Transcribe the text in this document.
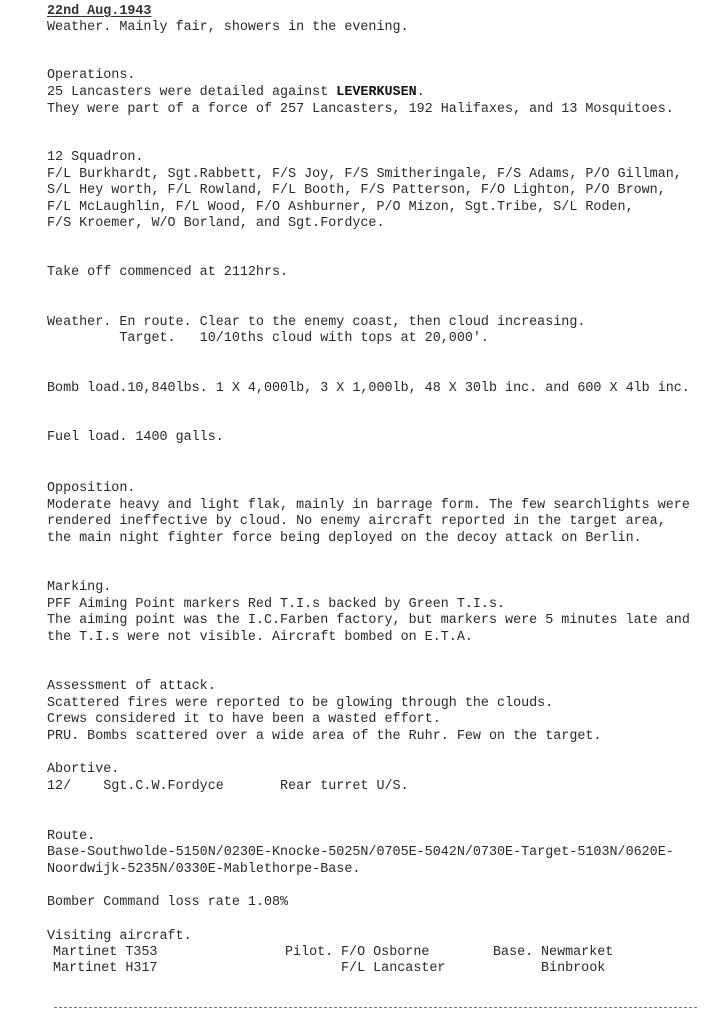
22nd Aug.1943
Weather. Mainly fair, showers in the evening.
Operations.
25 Lancasters were detailed against LEVERKUSEN.
They were part of a force of 257 Lancasters, 192 Halifaxes, and 13 Mosquitoes.
12 Squadron.
F/L Burkhardt, Sgt.Rabbett, F/S Joy, F/S Smitheringale, F/S Adams, P/O Gillman,
S/L Hey worth, F/L Rowland, F/L Booth, F/S Patterson, F/O Lighton, P/O Brown,
F/L McLaughlin, F/L Wood, F/O Ashburner, P/O Mizon, Sgt.Tribe, S/L Roden,
F/S Kroemer, W/O Borland, and Sgt.Fordyce.
Take off commenced at 2112hrs.
Weather. En route. Clear to the enemy coast, then cloud increasing.
Target.   10/10ths cloud with tops at 20,000'.
Bomb load.10,840lbs. 1 X 4,000lb, 3 X 1,000lb, 48 X 30lb inc. and 600 X 4lb inc.
Fuel load. 1400 galls.
Opposition.
Moderate heavy and light flak, mainly in barrage form. The few searchlights were
rendered ineffective by cloud. No enemy aircraft reported in the target area,
the main night fighter force being deployed on the decoy attack on Berlin.
Marking.
PFF Aiming Point markers Red T.I.s backed by Green T.I.s.
The aiming point was the I.C.Farben factory, but markers were 5 minutes late and
the T.I.s were not visible. Aircraft bombed on E.T.A.
Assessment of attack.
Scattered fires were reported to be glowing through the clouds.
Crews considered it to have been a wasted effort.
PRU. Bombs scattered over a wide area of the Ruhr. Few on the target.
Abortive.
12/    Sgt.C.W.Fordyce       Rear turret U/S.
Route.
Base-Southwolde-5150N/0230E-Knocke-5025N/0705E-5042N/0730E-Target-5103N/0620E-
Noordwijk-5235N/0330E-Mablethorpe-Base.
Bomber Command loss rate 1.08%
Visiting aircraft.
Martinet T353	Pilot. F/O Osborne	Base. Newmarket
Martinet H317	F/L Lancaster	Binbrook
